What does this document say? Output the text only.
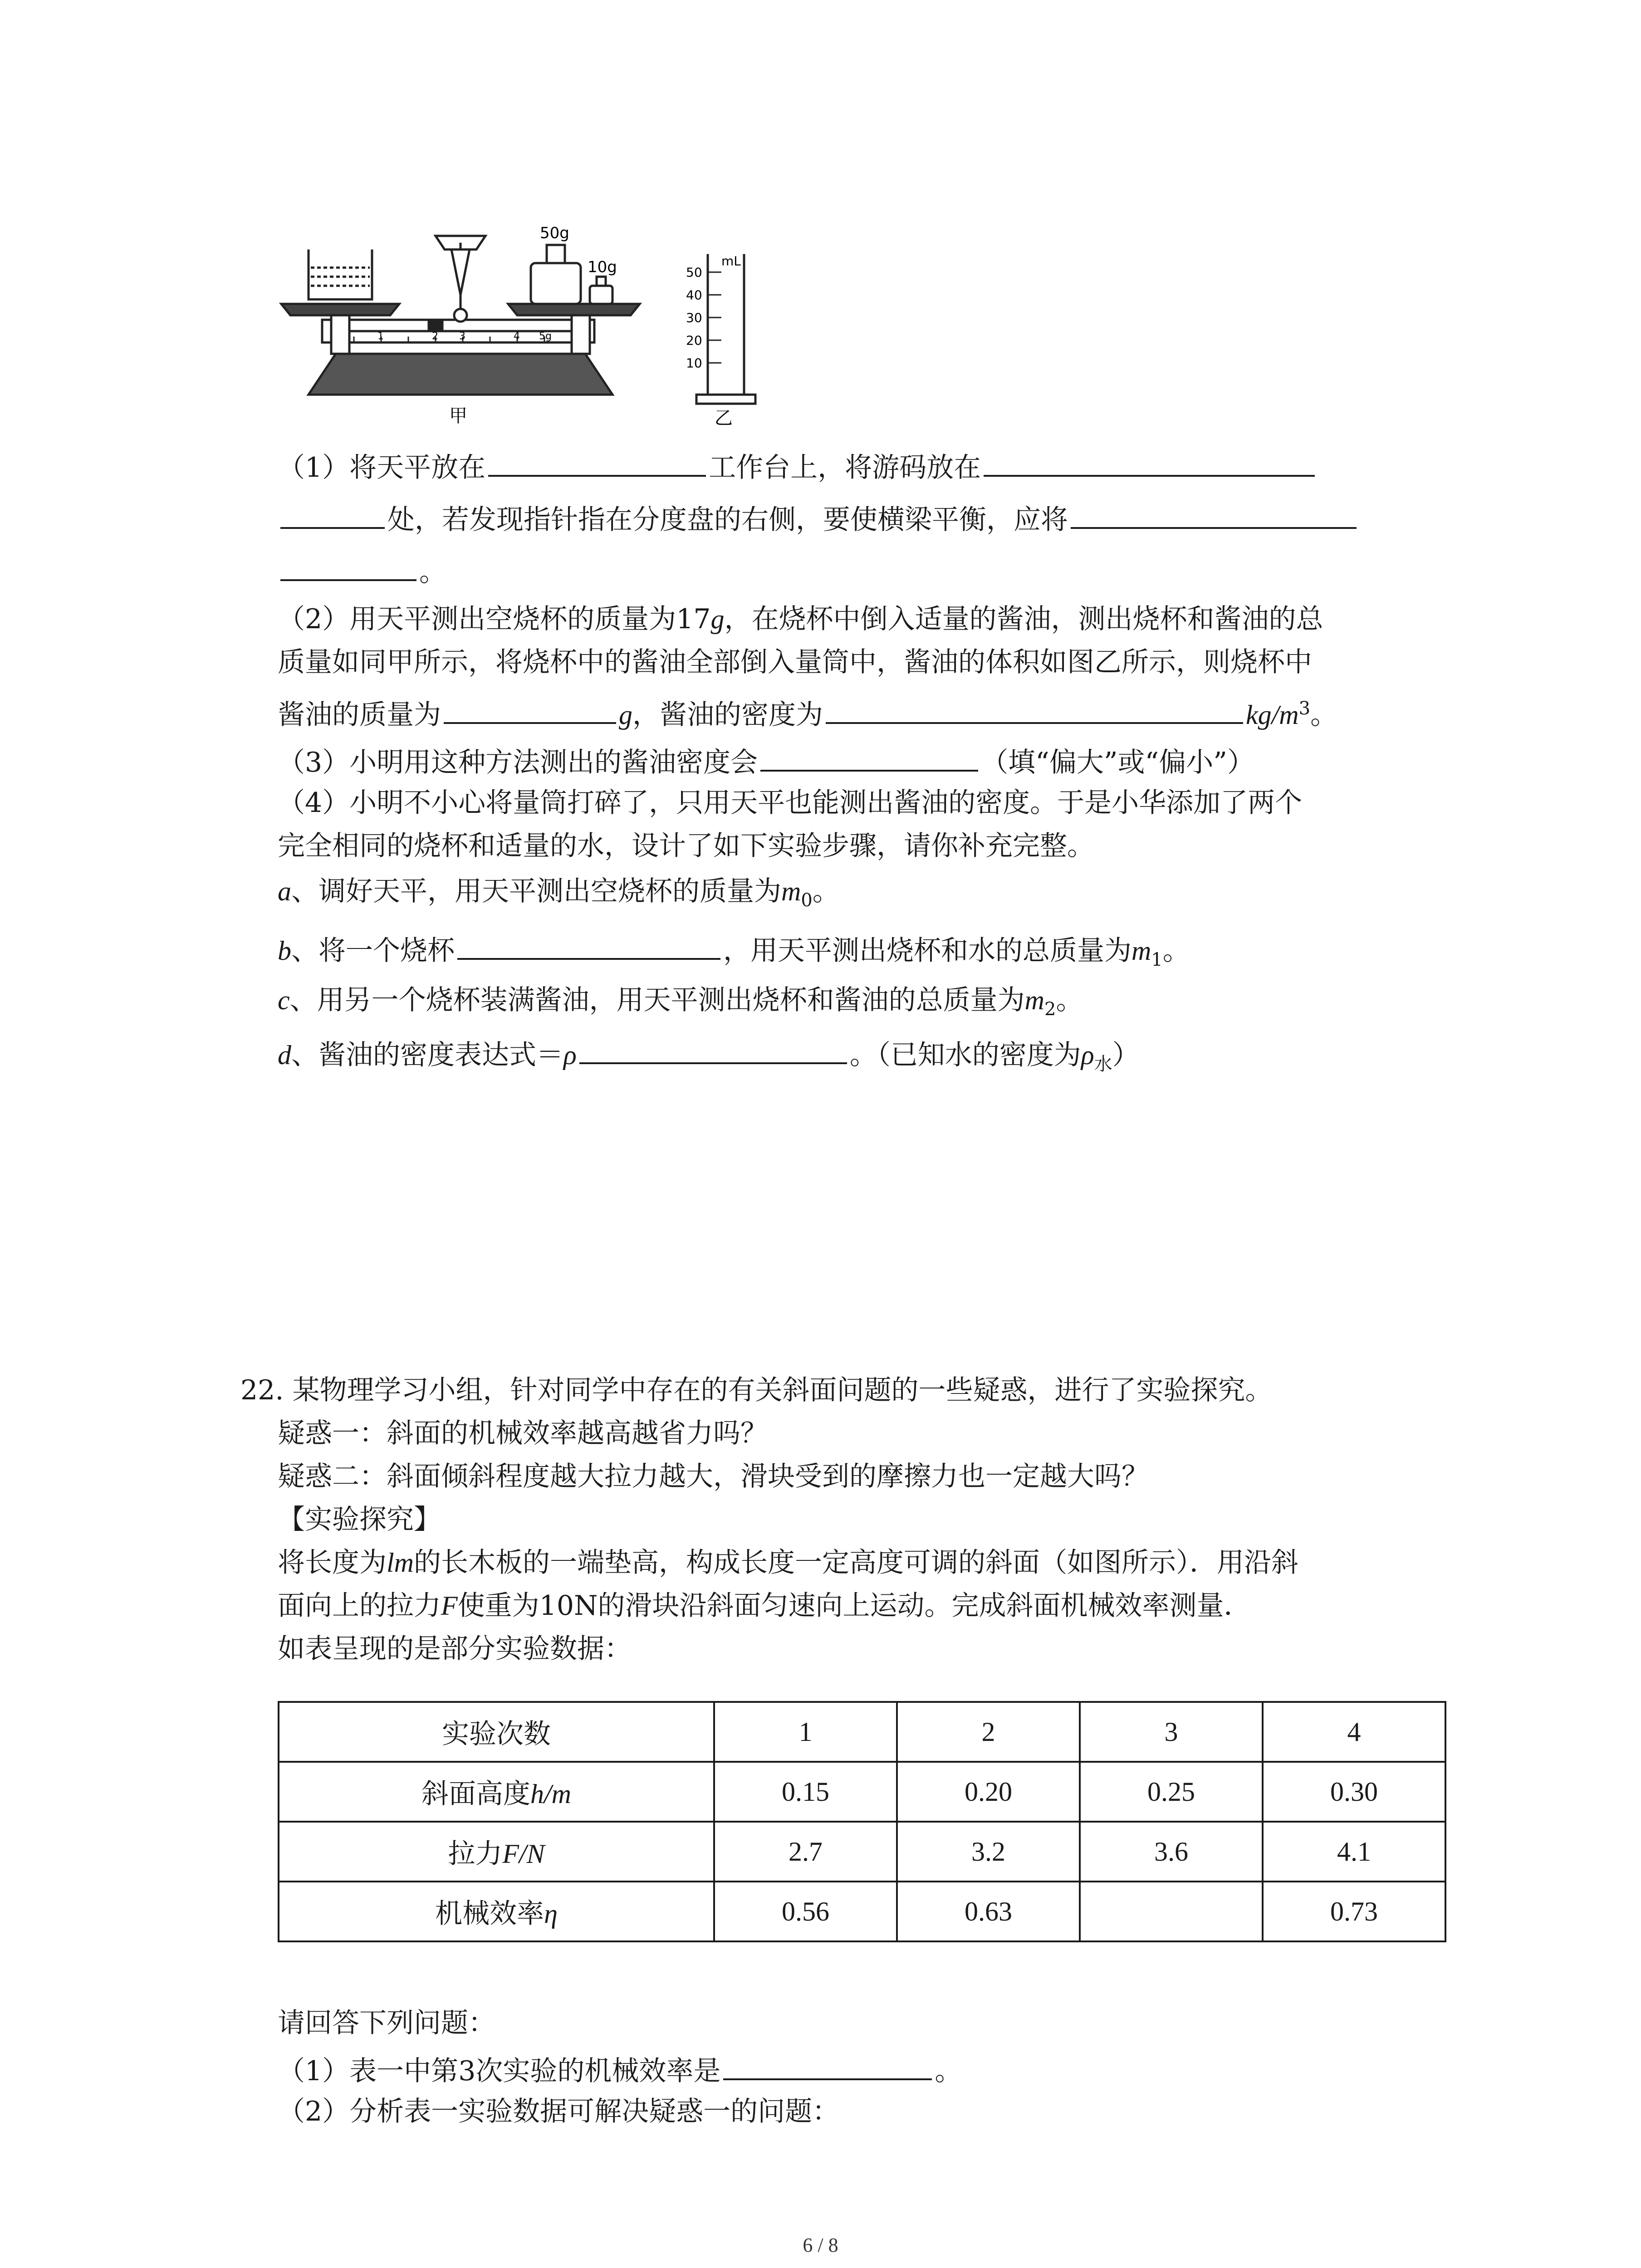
50g
10g
1	2 3	4 5g
甲
mL
50
40
30
20
10
乙
（1）将天平放在	工作台上，将游码放在
处，若发现指针指在分度盘的右侧，要使横梁平衡，应将
。
（2）用天平测出空烧杯的质量为17g，在烧杯中倒入适量的酱油，测出烧杯和酱油的总
质量如同甲所示，将烧杯中的酱油全部倒入量筒中，酱油的体积如图乙所示，则烧杯中
酱油的质量为	g，酱油的密度为	$kg/m^3$。
（3）小明用这种方法测出的酱油密度会	（填“偏大”或“偏小”）
（4）小明不小心将量筒打碎了，只用天平也能测出酱油的密度。于是小华添加了两个
完全相同的烧杯和适量的水，设计了如下实验步骤，请你补充完整。
a、调好天平，用天平测出空烧杯的质量为$m_0$。
b、将一个烧杯	，用天平测出烧杯和水的总质量为$m_1$。
c、用另一个烧杯装满酱油，用天平测出烧杯和酱油的总质量为$m_2$。
d、酱油的密度表达式＝ρ	。（已知水的密度为$\rho_水$）
22. 某物理学习小组，针对同学中存在的有关斜面问题的一些疑惑，进行了实验探究。
疑惑一：斜面的机械效率越高越省力吗？
疑惑二：斜面倾斜程度越大拉力越大，滑块受到的摩擦力也一定越大吗？
【实验探究】
将长度为lm的长木板的一端垫高，构成长度一定高度可调的斜面（如图所示）．用沿斜
面向上的拉力F使重为10N的滑块沿斜面匀速向上运动。完成斜面机械效率测量．
如表呈现的是部分实验数据：
实验次数	1	2	3	4
斜面高度h/m	0.15	0.20	0.25	0.30
拉力F/N	2.7	3.2	3.6	4.1
机械效率η	0.56	0.63		0.73
请回答下列问题：
（1）表一中第3次实验的机械效率是	。
（2）分析表一实验数据可解决疑惑一的问题：
6 / 8
